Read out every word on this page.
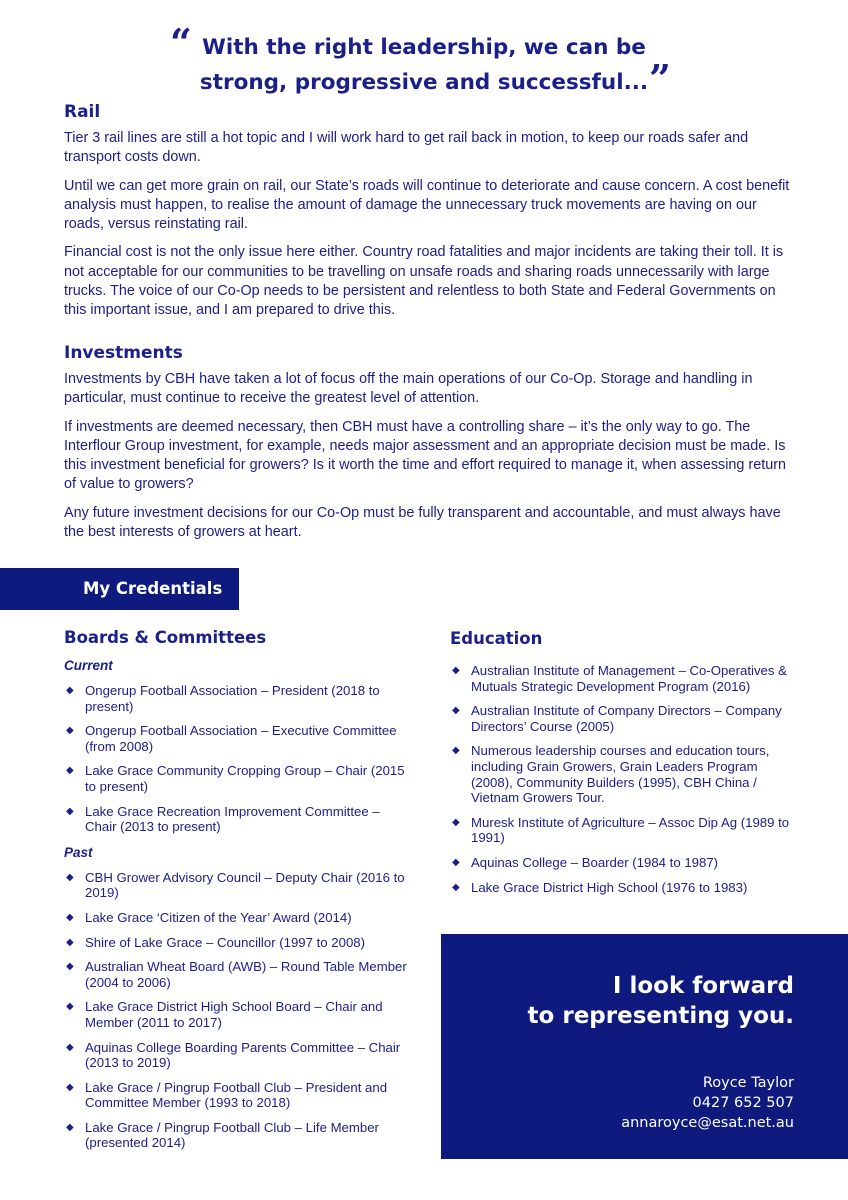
“ With the right leadership, we can be
strong, progressive and successful... ”
Rail

Tier 3 rail lines are still a hot topic and I will work hard to get rail back in motion, to keep our roads safer and transport costs down.

Until we can get more grain on rail, our State’s roads will continue to deteriorate and cause concern. A cost benefit analysis must happen, to realise the amount of damage the unnecessary truck movements are having on our roads, versus reinstating rail.

Financial cost is not the only issue here either. Country road fatalities and major incidents are taking their toll. It is not acceptable for our communities to be travelling on unsafe roads and sharing roads unnecessarily with large trucks. The voice of our Co-Op needs to be persistent and relentless to both State and Federal Governments on this important issue, and I am prepared to drive this.

Investments

Investments by CBH have taken a lot of focus off the main operations of our Co-Op. Storage and handling in particular, must continue to receive the greatest level of attention.

If investments are deemed necessary, then CBH must have a controlling share – it’s the only way to go. The Interflour Group investment, for example, needs major assessment and an appropriate decision must be made. Is this investment beneficial for growers? Is it worth the time and effort required to manage it, when assessing return of value to growers?

Any future investment decisions for our Co-Op must be fully transparent and accountable, and must always have the best interests of growers at heart.

My Credentials
Boards & Committees
Current
◆ Ongerup Football Association – President (2018 to present)
◆ Ongerup Football Association – Executive Committee (from 2008)
◆ Lake Grace Community Cropping Group – Chair (2015 to present)
◆ Lake Grace Recreation Improvement Committee – Chair (2013 to present)
Past
◆ CBH Grower Advisory Council – Deputy Chair (2016 to 2019)
◆ Lake Grace ‘Citizen of the Year’ Award (2014)
◆ Shire of Lake Grace – Councillor (1997 to 2008)
◆ Australian Wheat Board (AWB) – Round Table Member (2004 to 2006)
◆ Lake Grace District High School Board – Chair and Member (2011 to 2017)
◆ Aquinas College Boarding Parents Committee – Chair (2013 to 2019)
◆ Lake Grace / Pingrup Football Club – President and Committee Member (1993 to 2018)
◆ Lake Grace / Pingrup Football Club – Life Member (presented 2014)
Education
◆ Australian Institute of Management – Co-Operatives & Mutuals Strategic Development Program (2016)
◆ Australian Institute of Company Directors – Company Directors’ Course (2005)
◆ Numerous leadership courses and education tours, including Grain Growers, Grain Leaders Program (2008), Community Builders (1995), CBH China / Vietnam Growers Tour.
◆ Muresk Institute of Agriculture – Assoc Dip Ag (1989 to 1991)
◆ Aquinas College – Boarder (1984 to 1987)
◆ Lake Grace District High School (1976 to 1983)
I look forward
to representing you.
Royce Taylor
0427 652 507
annaroyce@esat.net.au
